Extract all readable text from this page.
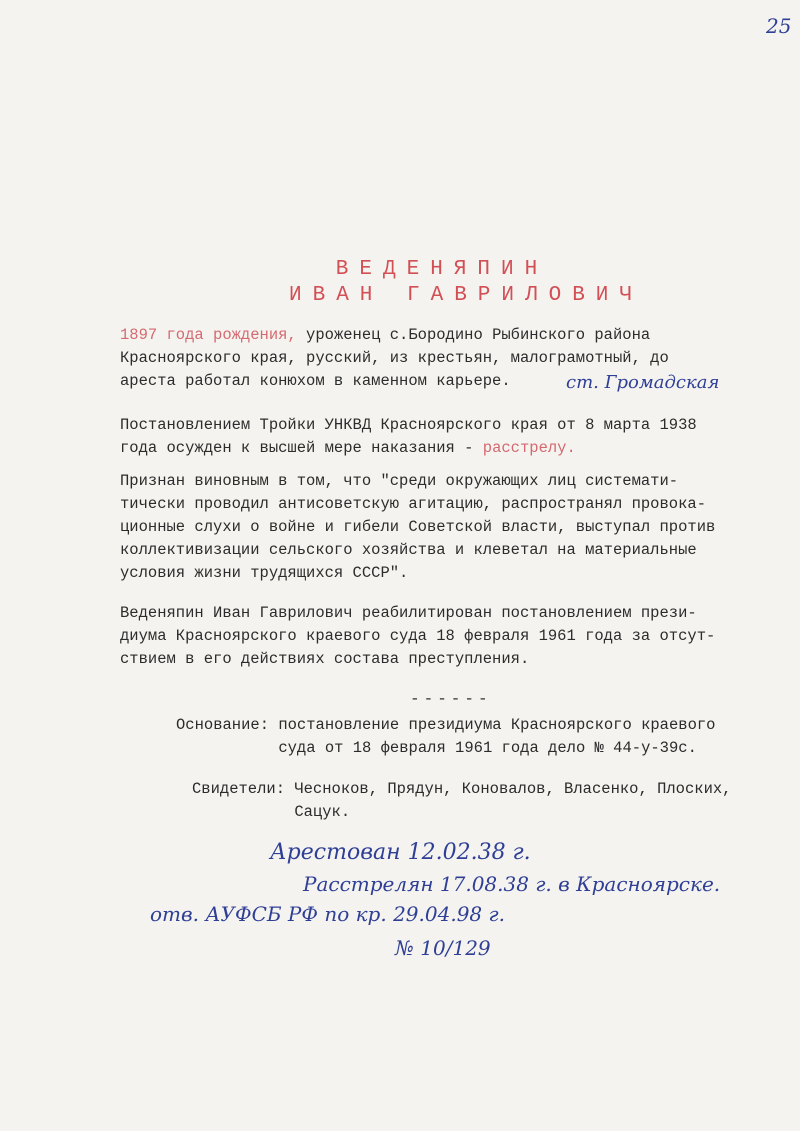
25
ВЕДЕНЯПИН
ИВАН ГАВРИЛОВИЧ
1897 года рождения, уроженец с.Бородино Рыбинского района
Красноярского края, русский, из крестьян, малограмотный, до
ареста работал конюхом в каменном карьере.	ст. Громадская
Постановлением Тройки УНКВД Красноярского края от 8 марта 1938
года осужден к высшей мере наказания - расстрелу.
Признан виновным в том, что "среди окружающих лиц системати-
тически проводил антисоветскую агитацию, распространял провока-
ционные слухи о войне и гибели Советской власти, выступал против
коллективизации сельского хозяйства и клеветал на материальные
условия жизни трудящихся СССР".
Веденяпин Иван Гаврилович реабилитирован постановлением прези-
диума Красноярского краевого суда 18 февраля 1961 года за отсут-
ствием в его действиях состава преступления.
------
Основание: постановление президиума Красноярского краевого
суда от 18 февраля 1961 года дело № 44-у-39с.
Свидетели: Чесноков, Прядун, Коновалов, Власенко, Плоских,
Сацук.
Арестован 12.02.38 г.
Расстрелян 17.08.38 г. в Красноярске.
отв. АУФСБ РФ по кр. 29.04.98 г.
№ 10/129
